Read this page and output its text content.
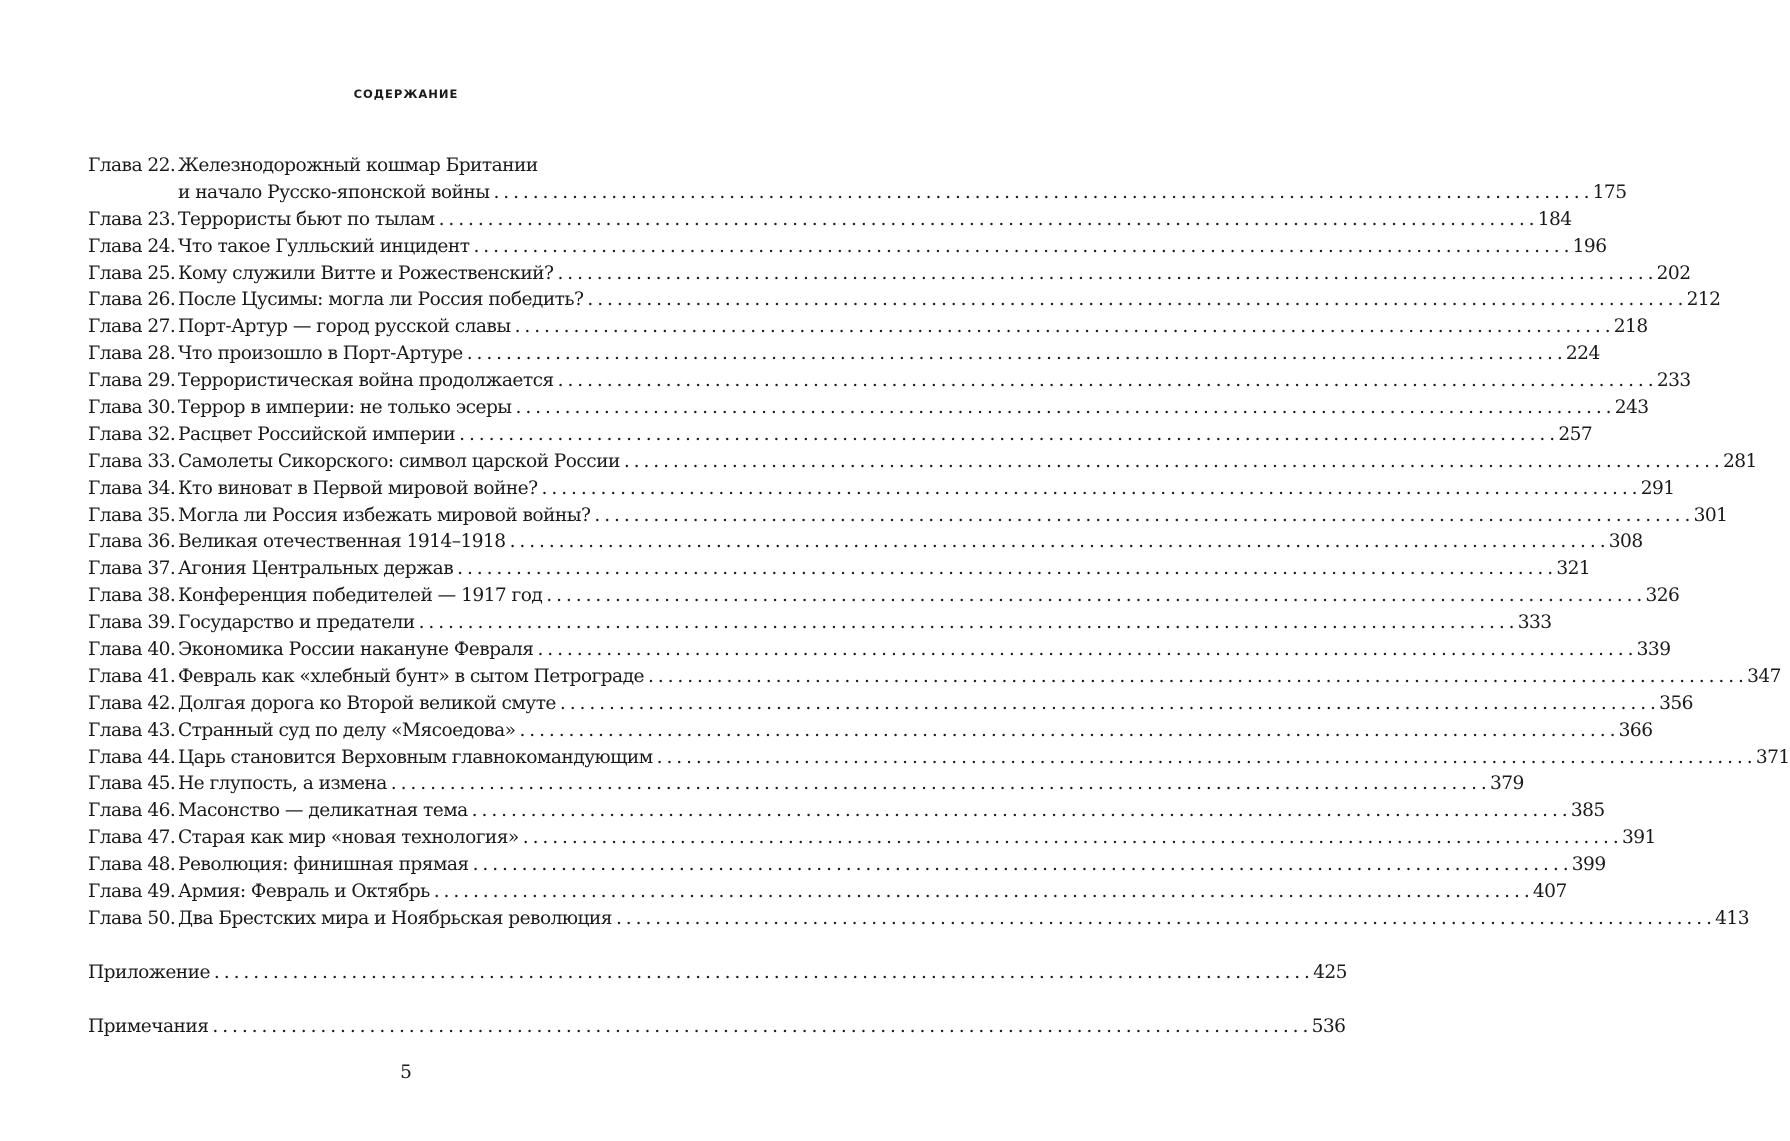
СОДЕРЖАНИЕ
Глава 22. Железнодорожный кошмар Британии
и начало Русско-японской войны . . .	175
Глава 23. Террористы бьют по тылам . . .	184
Глава 24. Что такое Гулльский инцидент . . .	196
Глава 25. Кому служили Витте и Рожественский? . . .	202
Глава 26. После Цусимы: могла ли Россия победить? . . .	212
Глава 27. Порт-Артур — город русской славы . . .	218
Глава 28. Что произошло в Порт-Артуре . . .	224
Глава 29. Террористическая война продолжается . . .	233
Глава 30. Террор в империи: не только эсеры . . .	243
Глава 32. Расцвет Российской империи . . .	257
Глава 33. Самолеты Сикорского: символ царской России . . .	281
Глава 34. Кто виноват в Первой мировой войне? . . .	291
Глава 35. Могла ли Россия избежать мировой войны? . . .	301
Глава 36. Великая отечественная 1914–1918 . . .	308
Глава 37. Агония Центральных держав . . .	321
Глава 38. Конференция победителей — 1917 год . . .	326
Глава 39. Государство и предатели . . .	333
Глава 40. Экономика России накануне Февраля . . .	339
Глава 41. Февраль как «хлебный бунт» в сытом Петрограде . . .	347
Глава 42. Долгая дорога ко Второй великой смуте . . .	356
Глава 43. Странный суд по делу «Мясоедова» . . .	366
Глава 44. Царь становится Верховным главнокомандующим . . .	371
Глава 45. Не глупость, а измена . . .	379
Глава 46. Масонство — деликатная тема . . .	385
Глава 47. Старая как мир «новая технология» . . .	391
Глава 48. Революция: финишная прямая . . .	399
Глава 49. Армия: Февраль и Октябрь . . .	407
Глава 50. Два Брестских мира и Ноябрьская революция . . .	413
Приложение . . .	425
Примечания . . .	536
5
